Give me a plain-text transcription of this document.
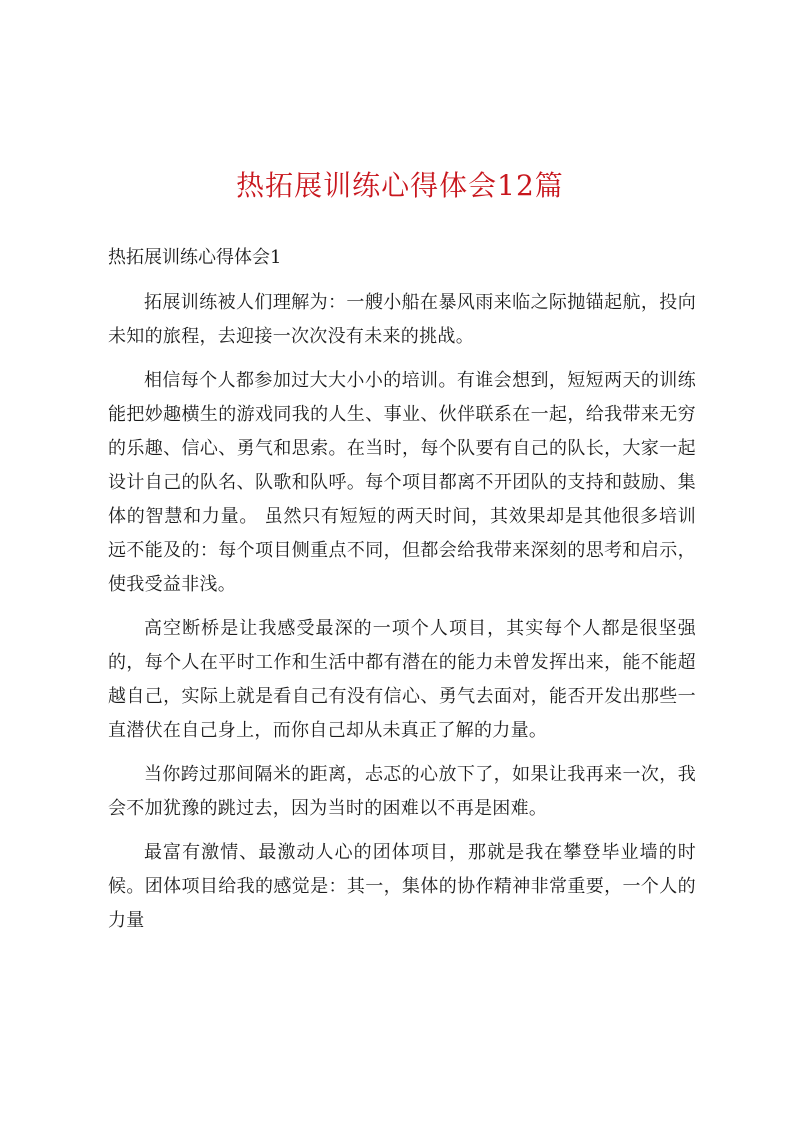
热拓展训练心得体会12篇
热拓展训练心得体会1

拓展训练被人们理解为：一艘小船在暴风雨来临之际抛锚起航，投向未知的旅程，去迎接一次次没有未来的挑战。

相信每个人都参加过大大小小的培训。有谁会想到，短短两天的训练能把妙趣横生的游戏同我的人生、事业、伙伴联系在一起，给我带来无穷的乐趣、信心、勇气和思索。在当时，每个队要有自己的队长，大家一起设计自己的队名、队歌和队呼。每个项目都离不开团队的支持和鼓励、集体的智慧和力量。 虽然只有短短的两天时间，其效果却是其他很多培训远不能及的：每个项目侧重点不同，但都会给我带来深刻的思考和启示，使我受益非浅。

高空断桥是让我感受最深的一项个人项目，其实每个人都是很坚强的，每个人在平时工作和生活中都有潜在的能力未曾发挥出来，能不能超越自己，实际上就是看自己有没有信心、勇气去面对，能否开发出那些一直潜伏在自己身上，而你自己却从未真正了解的力量。

当你跨过那间隔米的距离，忐忑的心放下了，如果让我再来一次，我会不加犹豫的跳过去，因为当时的困难以不再是困难。

最富有激情、最激动人心的团体项目，那就是我在攀登毕业墙的时候。团体项目给我的感觉是：其一，集体的协作精神非常重要，一个人的力量
